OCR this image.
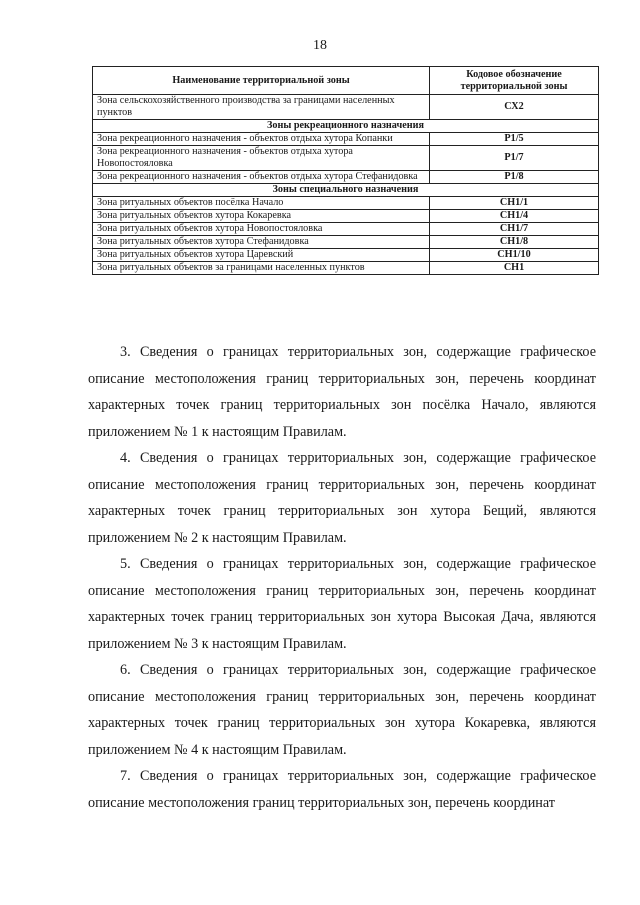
18
Наименование территориальной зоны	Кодовое обозначение территориальной зоны
Зона сельскохозяйственного производства за границами населенных пунктов	СХ2
Зоны рекреационного назначения	
Зона рекреационного назначения - объектов отдыха хутора Копанки	Р1/5
Зона рекреационного назначения - объектов отдыха хутора Новопостояловка	Р1/7
Зона рекреационного назначения - объектов отдыха хутора Стефанидовка	Р1/8
Зоны специального назначения	
Зона ритуальных объектов посёлка Начало	СН1/1
Зона ритуальных объектов хутора Кокаревка	СН1/4
Зона ритуальных объектов хутора Новопостояловка	СН1/7
Зона ритуальных объектов хутора Стефанидовка	СН1/8
Зона ритуальных объектов хутора Царевский	СН1/10
Зона ритуальных объектов за границами населенных пунктов	СН1

3. Сведения о границах территориальных зон, содержащие графическое описание местоположения границ территориальных зон, перечень координат характерных точек границ территориальных зон посёлка Начало, являются приложением № 1 к настоящим Правилам.

4. Сведения о границах территориальных зон, содержащие графическое описание местоположения границ территориальных зон, перечень координат характерных точек границ территориальных зон хутора Бещий, являются приложением № 2 к настоящим Правилам.

5. Сведения о границах территориальных зон, содержащие графическое описание местоположения границ территориальных зон, перечень координат характерных точек границ территориальных зон хутора Высокая Дача, являются приложением № 3 к настоящим Правилам.

6. Сведения о границах территориальных зон, содержащие графическое описание местоположения границ территориальных зон, перечень координат характерных точек границ территориальных зон хутора Кокаревка, являются приложением № 4 к настоящим Правилам.

7. Сведения о границах территориальных зон, содержащие графическое описание местоположения границ территориальных зон, перечень координат
